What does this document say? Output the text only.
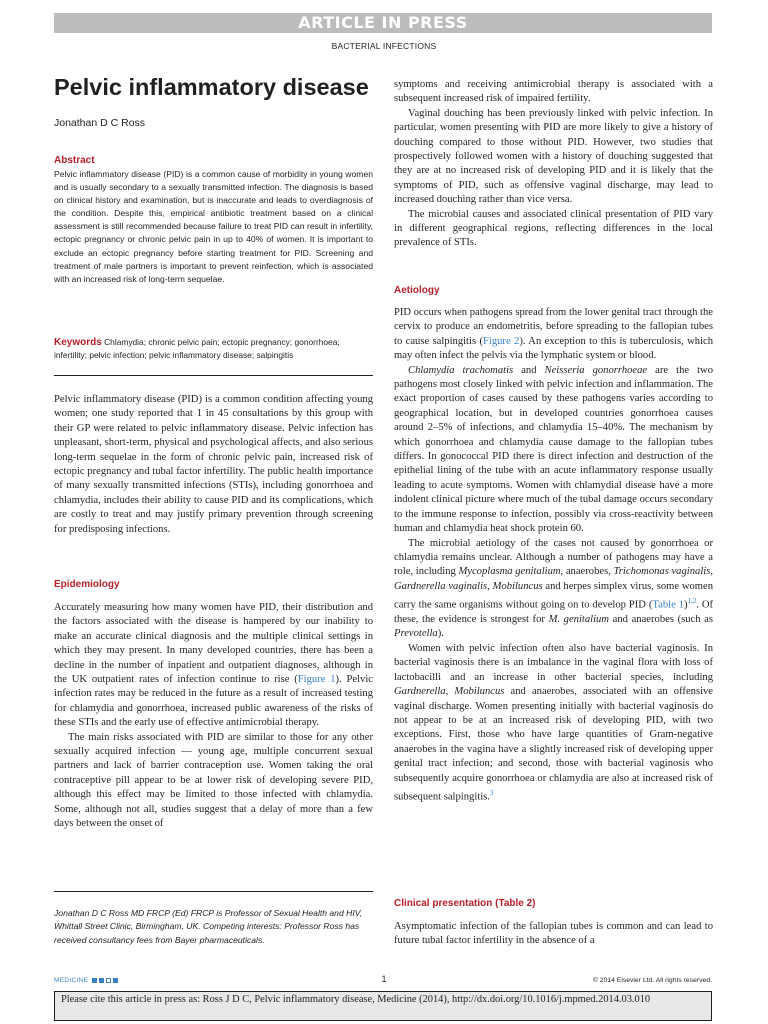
ARTICLE IN PRESS
BACTERIAL INFECTIONS
Pelvic inflammatory disease
Jonathan D C Ross
Abstract
Pelvic inflammatory disease (PID) is a common cause of morbidity in young women and is usually secondary to a sexually transmitted infection. The diagnosis is based on clinical history and examination, but is inaccurate and leads to overdiagnosis of the condition. Despite this, empirical antibiotic treatment based on a clinical assessment is still recommended because failure to treat PID can result in infertility, ectopic pregnancy or chronic pelvic pain in up to 40% of women. It is important to exclude an ectopic pregnancy before starting treatment for PID. Screening and treatment of male partners is important to prevent reinfection, which is associated with an increased risk of long-term sequelae.
Keywords Chlamydia; chronic pelvic pain; ectopic pregnancy; gonorrhoea; infertility; pelvic infection; pelvic inflammatory disease; salpingitis

Pelvic inflammatory disease (PID) is a common condition affecting young women; one study reported that 1 in 45 consultations by this group with their GP were related to pelvic inflammatory disease. Pelvic infection has unpleasant, short-term, physical and psychological affects, and also serious long-term sequelae in the form of chronic pelvic pain, increased risk of ectopic pregnancy and tubal factor infertility. The public health importance of many sexually transmitted infections (STIs), including gonorrhoea and chlamydia, includes their ability to cause PID and its complications, which are costly to treat and may justify primary prevention through screening for predisposing infections.

Epidemiology

Accurately measuring how many women have PID, their distribution and the factors associated with the disease is hampered by our inability to make an accurate clinical diagnosis and the multiple clinical settings in which they may present. In many developed countries, there has been a decline in the number of inpatient and outpatient diagnoses, although in the UK outpatient rates of infection continue to rise (Figure 1). Pelvic infection rates may be reduced in the future as a result of increased testing for chlamydia and gonorrhoea, increased public awareness of the risks of these STIs and the early use of effective antimicrobial therapy.

The main risks associated with PID are similar to those for any other sexually acquired infection — young age, multiple concurrent sexual partners and lack of barrier contraception use. Women taking the oral contraceptive pill appear to be at lower risk of developing severe PID, although this effect may be limited to those infected with chlamydia. Some, although not all, studies suggest that a delay of more than a few days between the onset of

Jonathan D C Ross MD FRCP (Ed) FRCP is Professor of Sexual Health and HIV, Whittall Street Clinic, Birmingham, UK. Competing interests: Professor Ross has received consultancy fees from Bayer pharmaceuticals.

symptoms and receiving antimicrobial therapy is associated with a subsequent increased risk of impaired fertility.

Vaginal douching has been previously linked with pelvic infection. In particular, women presenting with PID are more likely to give a history of douching compared to those without PID. However, two studies that prospectively followed women with a history of douching suggested that they are at no increased risk of developing PID and it is likely that the symptoms of PID, such as offensive vaginal discharge, may lead to increased douching rather than vice versa.

The microbial causes and associated clinical presentation of PID vary in different geographical regions, reflecting differences in the local prevalence of STIs.

Aetiology

PID occurs when pathogens spread from the lower genital tract through the cervix to produce an endometritis, before spreading to the fallopian tubes to cause salpingitis (Figure 2). An exception to this is tuberculosis, which may often infect the pelvis via the lymphatic system or blood.

Chlamydia trachomatis and Neisseria gonorrhoeae are the two pathogens most closely linked with pelvic infection and inflammation. The exact proportion of cases caused by these pathogens varies according to geographical location, but in developed countries gonorrhoea causes around 2–5% of infections, and chlamydia 15–40%. The mechanism by which gonorrhoea and chlamydia cause damage to the fallopian tubes differs. In gonococcal PID there is direct infection and destruction of the epithelial lining of the tube with an acute inflammatory response usually leading to acute symptoms. Women with chlamydial disease have a more indolent clinical picture where much of the tubal damage occurs secondary to the immune response to infection, possibly via cross-reactivity between human and chlamydia heat shock protein 60.

The microbial aetiology of the cases not caused by gonorrhoea or chlamydia remains unclear. Although a number of pathogens may have a role, including Mycoplasma genitalium, anaerobes, Trichomonas vaginalis, Gardnerella vaginalis, Mobiluncus and herpes simplex virus, some women carry the same organisms without going on to develop PID (Table 1)$^{1,2}$. Of these, the evidence is strongest for M. genitalium and anaerobes (such as Prevotella).

Women with pelvic infection often also have bacterial vaginosis. In bacterial vaginosis there is an imbalance in the vaginal flora with loss of lactobacilli and an increase in other bacterial species, including Gardnerella, Mobiluncus and anaerobes, associated with an offensive vaginal discharge. Women presenting initially with bacterial vaginosis do not appear to be at an increased risk of developing PID, with two exceptions. First, those who have large quantities of Gram-negative anaerobes in the vagina have a slightly increased risk of developing upper genital tract infection; and second, those with bacterial vaginosis who subsequently acquire gonorrhoea or chlamydia are also at increased risk of subsequent salpingitis.$^3$

Clinical presentation (Table 2)

Asymptomatic infection of the fallopian tubes is common and can lead to future tubal factor infertility in the absence of a

MEDICINE	1	© 2014 Elsevier Ltd. All rights reserved.
Please cite this article in press as: Ross J D C, Pelvic inflammatory disease, Medicine (2014), http://dx.doi.org/10.1016/j.mpmed.2014.03.010
